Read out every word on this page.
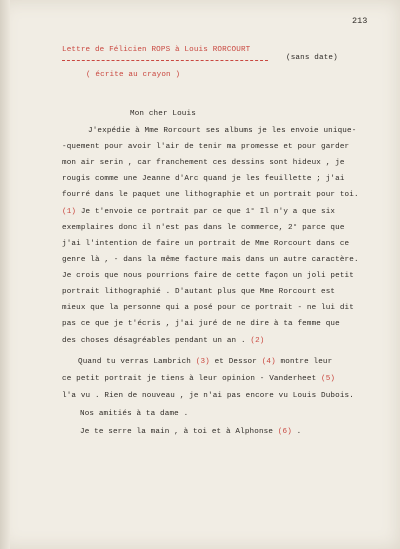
213
Lettre de Félicien ROPS à Louis RORCOURT
(sans date)
( écrite au crayon )
Mon cher Louis

J'expédie à Mme Rorcourt ses albums je les envoie unique-

-quement pour avoir l'air de tenir ma promesse et pour garder

mon air serin , car franchement ces dessins sont hideux , je

rougis comme une Jeanne d'Arc quand je les feuillette ; j'ai

fourré dans le paquet une lithographie et un portrait pour toi.

(1) Je t'envoie ce portrait par ce que 1° Il n'y a que six

exemplaires donc il n'est pas dans le commerce, 2° parce que

j'ai l'intention de faire un portrait de Mme Rorcourt dans ce

genre là , - dans la même facture mais dans un autre caractère.

Je crois que nous pourrions faire de cette façon un joli petit

portrait lithographié . D'autant plus que Mme Rorcourt est

mieux que la personne qui a posé pour ce portrait - ne lui dit

pas ce que je t'écris , j'ai juré de ne dire à ta femme que

des choses désagréables pendant un an . (2)

Quand tu verras Lambrich (3) et Dessor (4) montre leur

ce petit portrait je tiens à leur opinion - Vanderheet (5)

l'a vu . Rien de nouveau , je n'ai pas encore vu Louis Dubois.

Nos amitiés à ta dame .

Je te serre la main , à toi et à Alphonse (6) .
